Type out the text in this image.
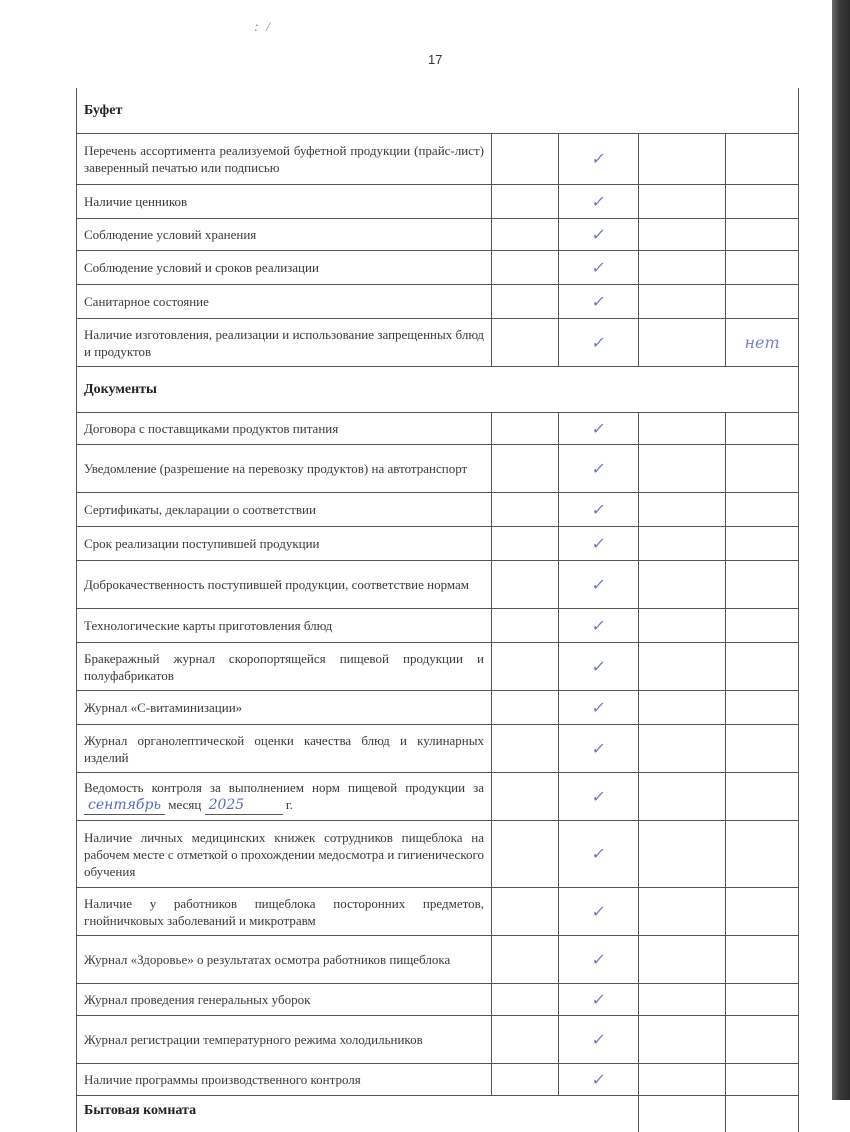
: /
17
Буфет				
Перечень ассортимента реализуемой буфетной продукции (прайс-лист) заверенный печатью или подписью		✓		
Наличие ценников		✓		
Соблюдение условий хранения		✓		
Соблюдение условий и сроков реализации		✓		
Санитарное состояние		✓		
Наличие изготовления, реализации и использование запрещенных блюд и продуктов		✓		нет
Документы				
Договора с поставщиками продуктов питания		✓		
Уведомление (разрешение на перевозку продуктов) на автотранспорт		✓		
Сертификаты, декларации о соответствии		✓		
Срок реализации поступившей продукции		✓		
Доброкачественность поступившей продукции, соответствие нормам		✓		
Технологические карты приготовления блюд		✓		
Бракеражный журнал скоропортящейся пищевой продукции и полуфабрикатов		✓		
Журнал «С-витаминизации»		✓		
Журнал органолептической оценки качества блюд и кулинарных изделий		✓		
Ведомость контроля за выполнением норм пищевой продукции за сентябрь месяц 2025 г.		✓		
Наличие личных медицинских книжек сотрудников пищеблока на рабочем месте с отметкой о прохождении медосмотра и гигиенического обучения		✓		
Наличие у работников пищеблока посторонних предметов, гнойничковых заболеваний и микротравм		✓		
Журнал «Здоровье» о результатах осмотра работников пищеблока		✓		
Журнал проведения генеральных уборок		✓		
Журнал регистрации температурного режима холодильников		✓		
Наличие программы производственного контроля		✓		
Бытовая комната				
